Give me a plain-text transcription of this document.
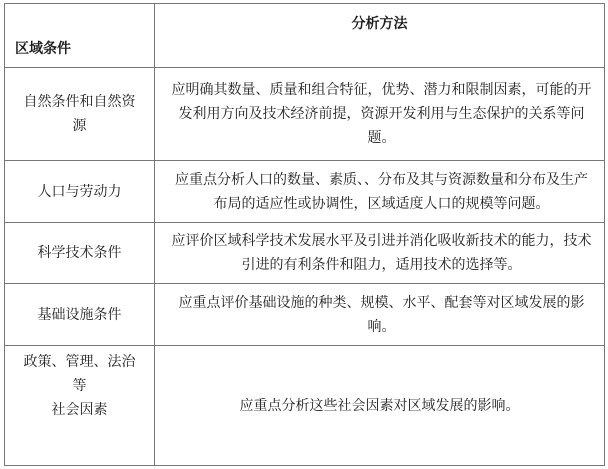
区域条件	分析方法

自然条件和自然资
源	应明确其数量、质量和组合特征，优势、潜力和限制因素，可能的开发利用方向及技术经济前提，资源开发利用与生态保护的关系等问题。

人口与劳动力	应重点分析人口的数量、素质、、分布及其与资源数量和分布及生产布局的适应性或协调性，区域适度人口的规模等问题。

科学技术条件	应评价区域科学技术发展水平及引进并消化吸收新技术的能力，技术引进的有利条件和阻力，适用技术的选择等。

基础设施条件	应重点评价基础设施的种类、规模、水平、配套等对区域发展的影响。

政策、管理、法治
等
社会因素	应重点分析这些社会因素对区域发展的影响。
